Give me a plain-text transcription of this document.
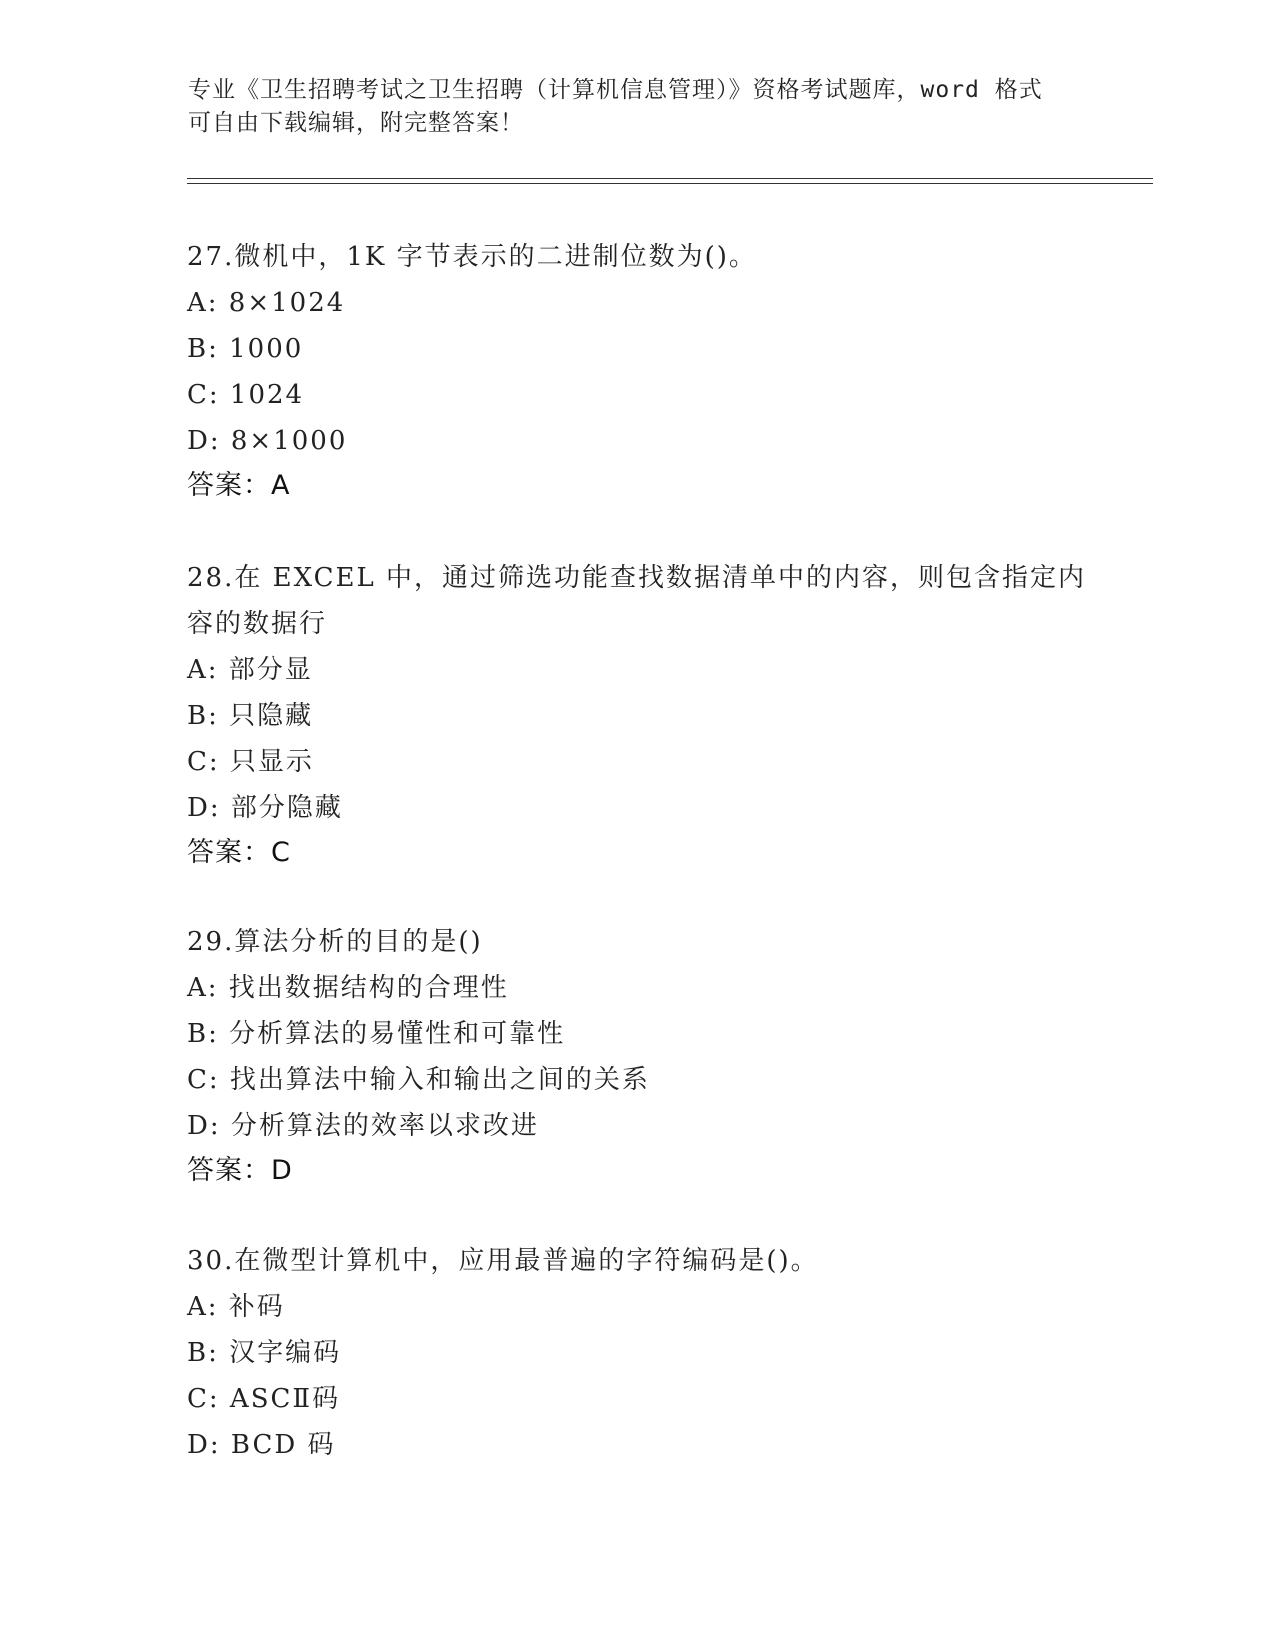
专业《卫生招聘考试之卫生招聘（计算机信息管理）》资格考试题库，word 格式
可自由下载编辑，附完整答案！
27.微机中，1K 字节表示的二进制位数为()。
A: 8×1024
B: 1000
C: 1024
D: 8×1000
答案：A
28.在 EXCEL 中，通过筛选功能查找数据清单中的内容，则包含指定内
容的数据行
A: 部分显
B: 只隐藏
C: 只显示
D: 部分隐藏
答案：C
29.算法分析的目的是()
A: 找出数据结构的合理性
B: 分析算法的易懂性和可靠性
C: 找出算法中输入和输出之间的关系
D: 分析算法的效率以求改进
答案：D
30.在微型计算机中，应用最普遍的字符编码是()。
A: 补码
B: 汉字编码
C: ASCⅡ码
D: BCD 码
